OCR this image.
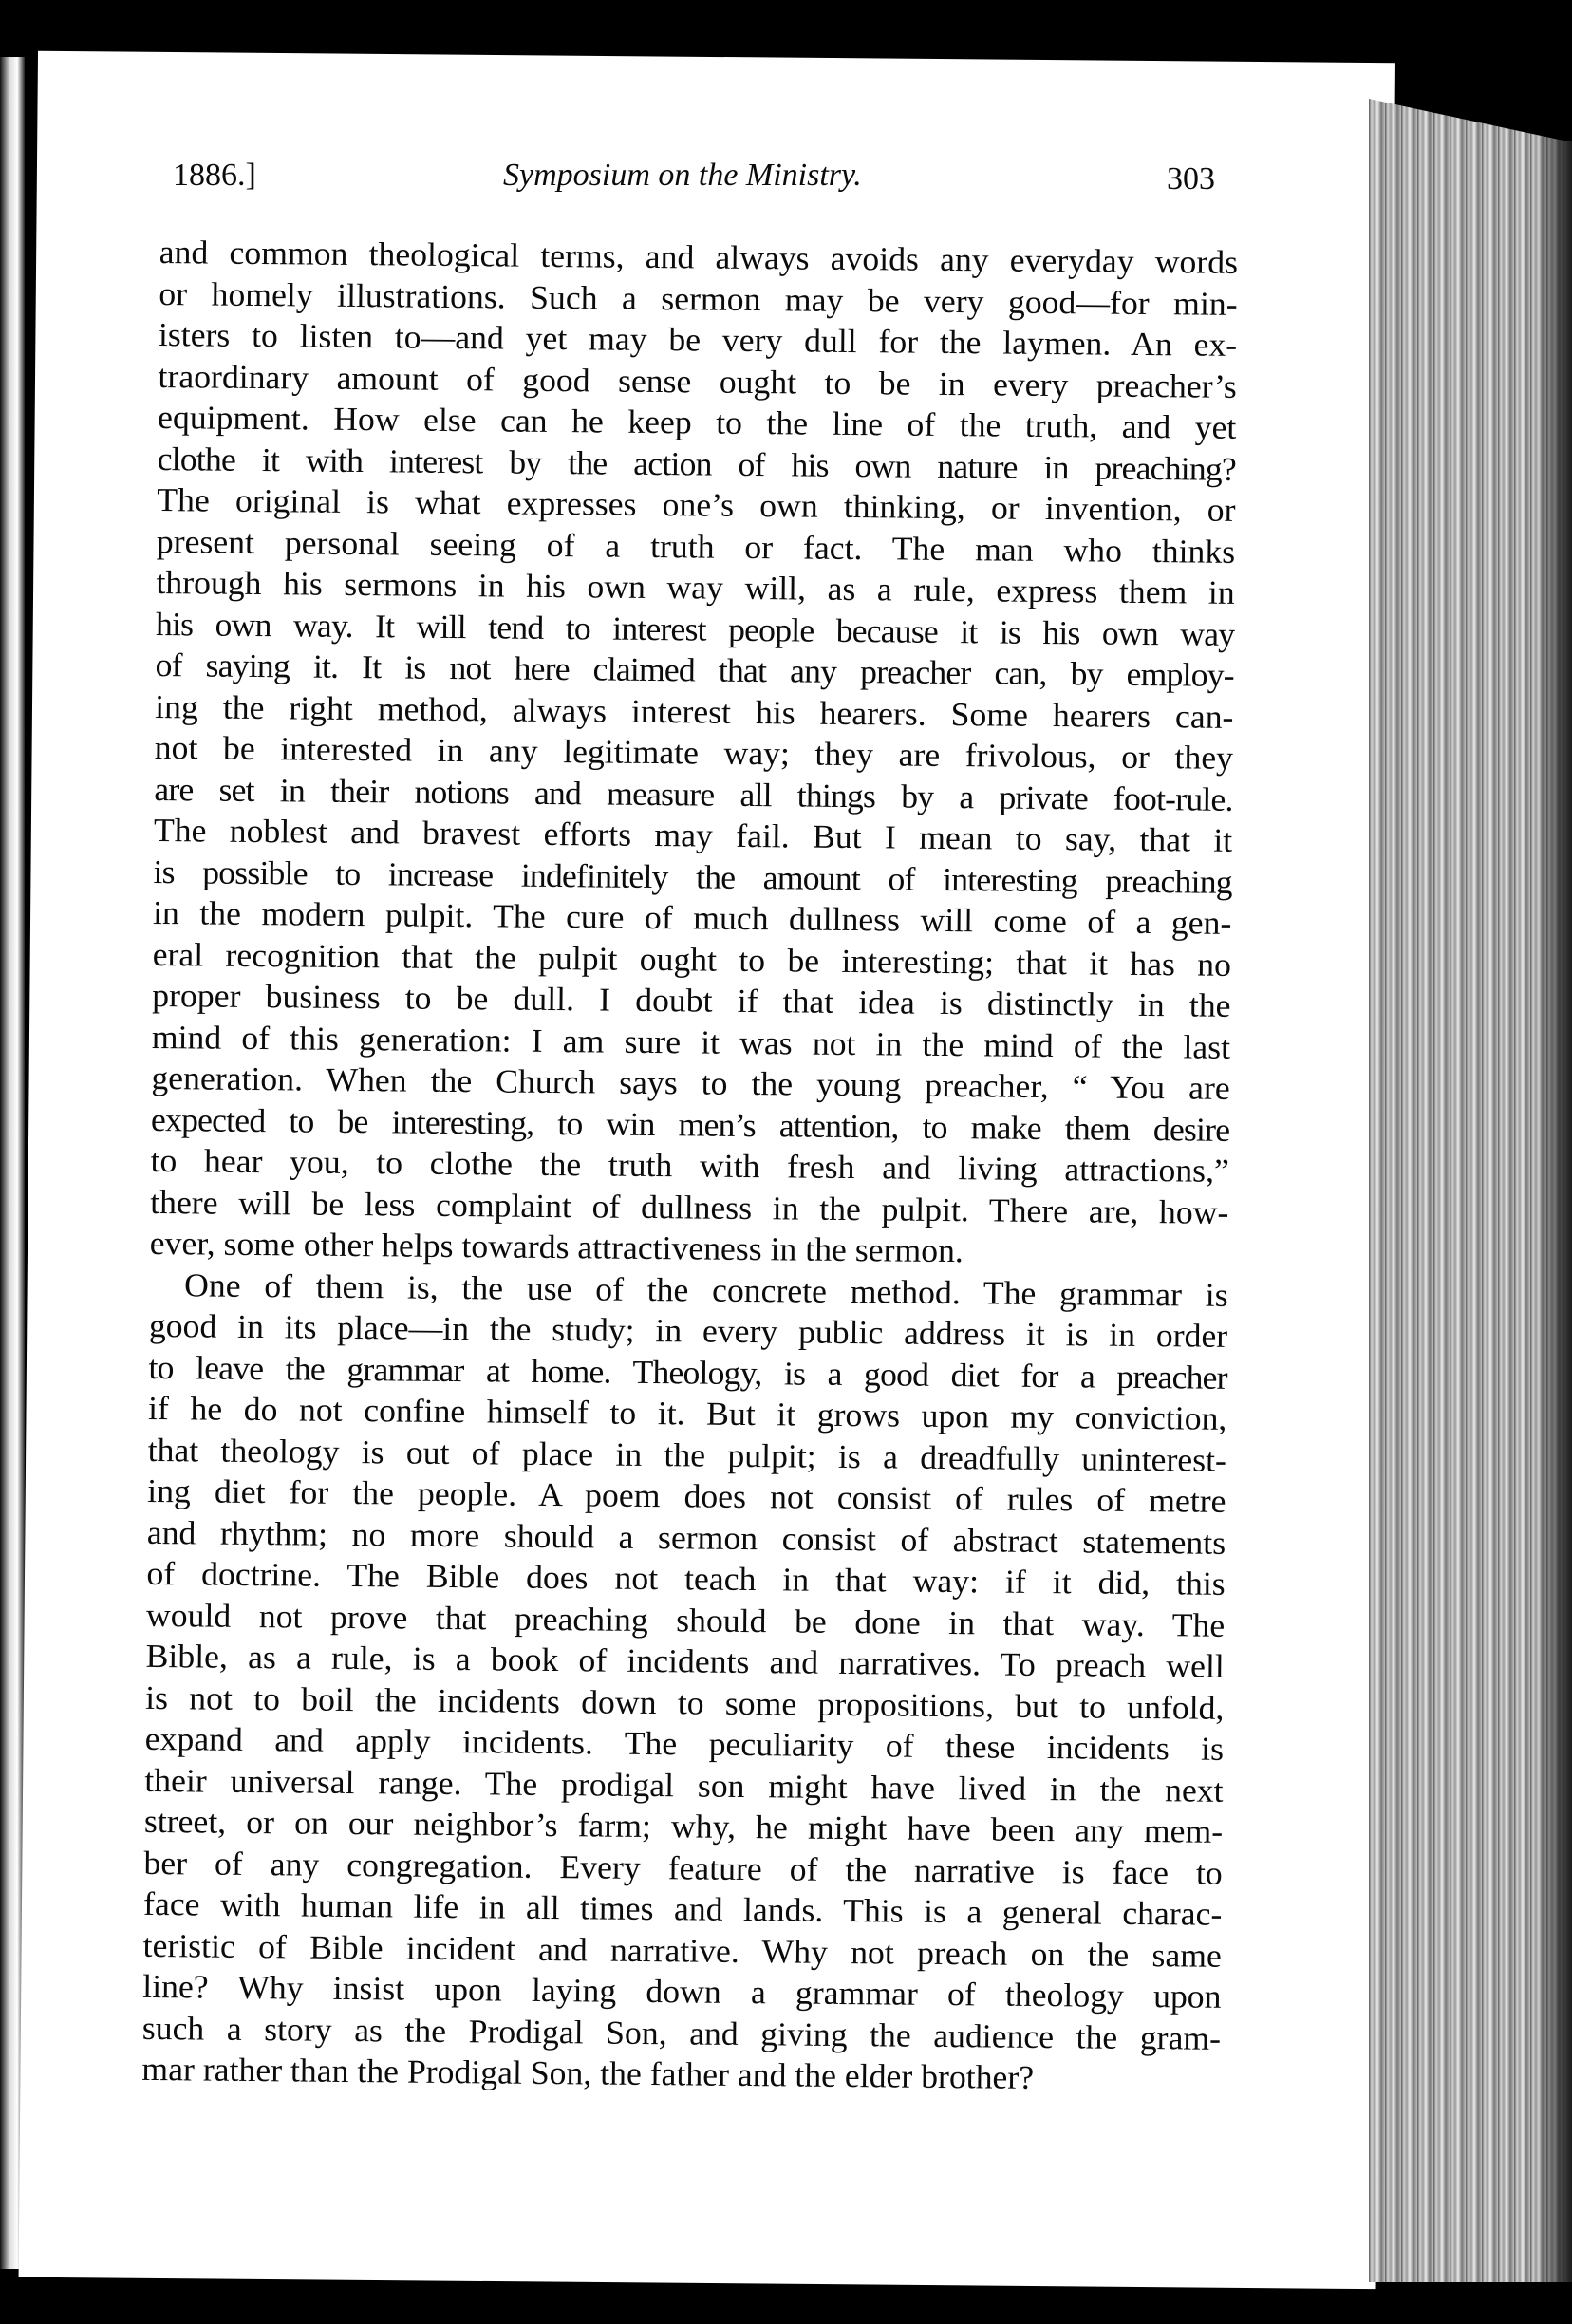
1886.]	Symposium on the Ministry.	303
and common theological terms, and always avoids any everyday words
or homely illustrations. Such a sermon may be very good—for min-
isters to listen to—and yet may be very dull for the laymen. An ex-
traordinary amount of good sense ought to be in every preacher’s
equipment. How else can he keep to the line of the truth, and yet
clothe it with interest by the action of his own nature in preaching?
The original is what expresses one’s own thinking, or invention, or
present personal seeing of a truth or fact. The man who thinks
through his sermons in his own way will, as a rule, express them in
his own way. It will tend to interest people because it is his own way
of saying it. It is not here claimed that any preacher can, by employ-
ing the right method, always interest his hearers. Some hearers can-
not be interested in any legitimate way; they are frivolous, or they
are set in their notions and measure all things by a private foot-rule.
The noblest and bravest efforts may fail. But I mean to say, that it
is possible to increase indefinitely the amount of interesting preaching
in the modern pulpit. The cure of much dullness will come of a gen-
eral recognition that the pulpit ought to be interesting; that it has no
proper business to be dull. I doubt if that idea is distinctly in the
mind of this generation: I am sure it was not in the mind of the last
generation. When the Church says to the young preacher, “ You are
expected to be interesting, to win men’s attention, to make them desire
to hear you, to clothe the truth with fresh and living attractions,”
there will be less complaint of dullness in the pulpit. There are, how-
ever, some other helps towards attractiveness in the sermon.
One of them is, the use of the concrete method. The grammar is
good in its place—in the study; in every public address it is in order
to leave the grammar at home. Theology, is a good diet for a preacher
if he do not confine himself to it. But it grows upon my conviction,
that theology is out of place in the pulpit; is a dreadfully uninterest-
ing diet for the people. A poem does not consist of rules of metre
and rhythm; no more should a sermon consist of abstract statements
of doctrine. The Bible does not teach in that way: if it did, this
would not prove that preaching should be done in that way. The
Bible, as a rule, is a book of incidents and narratives. To preach well
is not to boil the incidents down to some propositions, but to unfold,
expand and apply incidents. The peculiarity of these incidents is
their universal range. The prodigal son might have lived in the next
street, or on our neighbor’s farm; why, he might have been any mem-
ber of any congregation. Every feature of the narrative is face to
face with human life in all times and lands. This is a general charac-
teristic of Bible incident and narrative. Why not preach on the same
line? Why insist upon laying down a grammar of theology upon
such a story as the Prodigal Son, and giving the audience the gram-
mar rather than the Prodigal Son, the father and the elder brother?
